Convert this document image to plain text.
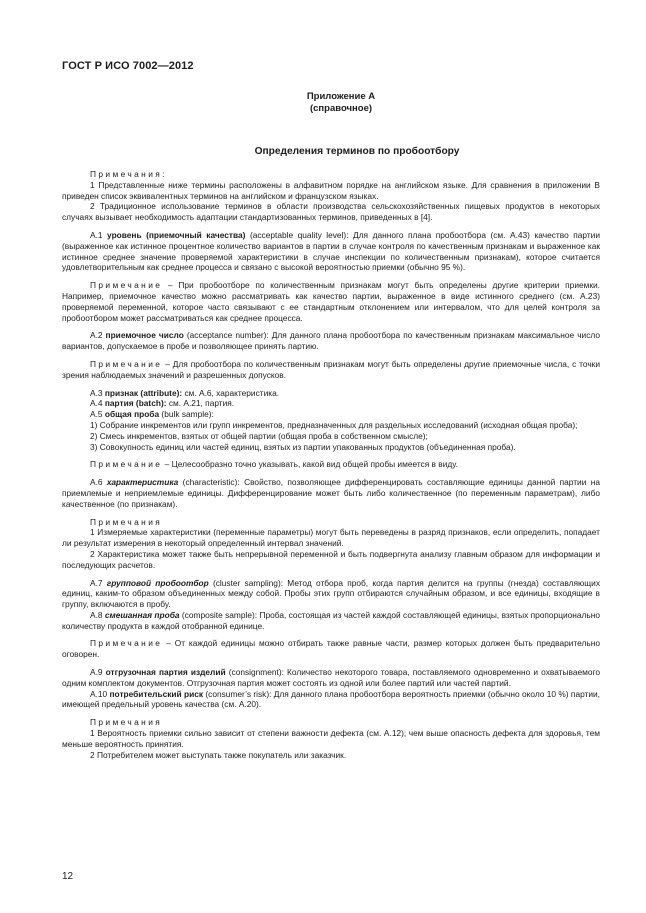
ГОСТ Р ИСО 7002—2012
Приложение А
(справочное)
Определения терминов по пробоотбору

Примечания:

1 Представленные ниже термины расположены в алфавитном порядке на английском языке. Для сравнения в приложении В приведен список эквивалентных терминов на английском и французском языках.

2 Традиционное использование терминов в области производства сельскохозяйственных пищевых продуктов в некоторых случаях вызывает необходимость адаптации стандартизованных терминов, приведенных в [4].

А.1 уровень (приемочный качества) (acceptable quality level): Для данного плана пробоотбора (см. А.43) качество партии (выраженное как истинное процентное количество вариантов в партии в случае контроля по качественным признакам и выраженное как истинное среднее значение проверяемой характеристики в случае инспекции по количественным признакам), которое считается удовлетворительным как среднее процесса и связано с высокой вероятностью приемки (обычно 95 %).

Примечание – При пробоотборе по количественным признакам могут быть определены другие критерии приемки. Например, приемочное качество можно рассматривать как качество партии, выраженное в виде истинного среднего (см. А.23) проверяемой переменной, которое часто связывают с ее стандартным отклонением или интервалом, что для целей контроля за пробоотбором может рассматриваться как среднее процесса.

А.2 приемочное число (acceptance number): Для данного плана пробоотбора по качественным признакам максимальное число вариантов, допускаемое в пробе и позволяющее принять партию.

Примечание – Для пробоотбора по количественным признакам могут быть определены другие приемочные числа, с точки зрения наблюдаемых значений и разрешенных допусков.

А.3 признак (attribute): см. А.6, характеристика.

А.4 партия (batch): см. А.21, партия.

А.5 общая проба (bulk sample):

1) Собрание инкрементов или групп инкрементов, предназначенных для раздельных исследований (исходная общая проба);

2) Смесь инкрементов, взятых от общей партии (общая проба в собственном смысле);

3) Совокупность единиц или частей единиц, взятых из партии упакованных продуктов (объединенная проба).

Примечание – Целесообразно точно указывать, какой вид общей пробы имеется в виду.

А.6 характеристика (characteristic): Свойство, позволяющее дифференцировать составляющие единицы данной партии на приемлемые и неприемлемые единицы. Дифференцирование может быть либо количественное (по переменным параметрам), либо качественное (по признакам).

Примечания

1 Измеряемые характеристики (переменные параметры) могут быть переведены в разряд признаков, если определить, попадает ли результат измерения в некоторый определенный интервал значений.

2 Характеристика может также быть непрерывной переменной и быть подвергнута анализу главным образом для информации и последующих расчетов.

А.7 групповой пробоотбор (cluster sampling): Метод отбора проб, когда партия делится на группы (гнезда) составляющих единиц, каким-то образом объединенных между собой. Пробы этих групп отбираются случайным образом, и все единицы, входящие в группу, включаются в пробу.

А.8 смешанная проба (composite sample): Проба, состоящая из частей каждой составляющей единицы, взятых пропорционально количеству продукта в каждой отобранной единице.

Примечание – От каждой единицы можно отбирать также равные части, размер которых должен быть предварительно оговорен.

А.9 отгрузочная партия изделий (consignment): Количество некоторого товара, поставляемого одновременно и охватываемого одним комплектом документов. Отгрузочная партия может состоять из одной или более партий или частей партий.

А.10 потребительский риск (consumer’s risk): Для данного плана пробоотбора вероятность приемки (обычно около 10 %) партии, имеющей предельный уровень качества (см. А.20).

Примечания

1 Вероятность приемки сильно зависит от степени важности дефекта (см. А.12); чем выше опасность дефекта для здоровья, тем меньше вероятность принятия.

2 Потребителем может выступать также покупатель или заказчик.

12
